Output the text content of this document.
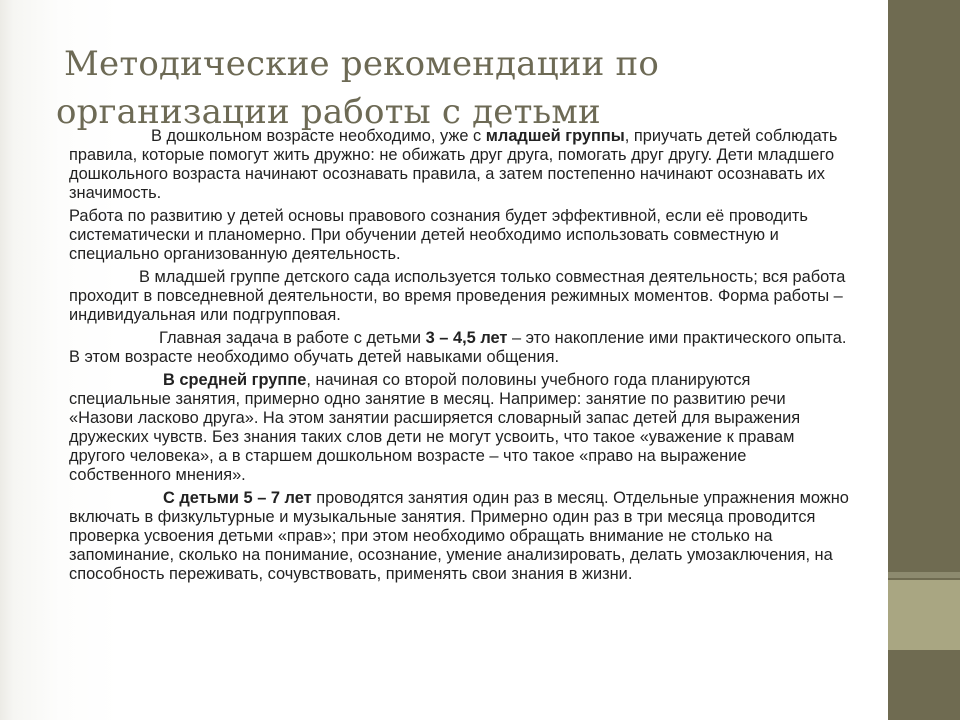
Методические рекомендации по
организации работы с детьми

В дошкольном возрасте необходимо, уже с младшей группы, приучать детей соблюдать правила, которые помогут жить дружно: не обижать друг друга, помогать друг другу. Дети младшего дошкольного возраста начинают осознавать правила, а затем постепенно начинают осознавать их значимость.

Работа по развитию у детей основы правового сознания будет эффективной, если её проводить систематически и планомерно. При обучении детей необходимо использовать совместную и специально организованную деятельность.

В младшей группе детского сада используется только совместная деятельность; вся работа проходит в повседневной деятельности, во время проведения режимных моментов. Форма работы – индивидуальная или подгрупповая.

Главная задача в работе с детьми 3 – 4,5 лет – это накопление ими практического опыта. В этом возрасте необходимо обучать детей навыками общения.

В средней группе, начиная со второй половины учебного года планируются специальные занятия, примерно одно занятие в месяц. Например: занятие по развитию речи «Назови ласково друга». На этом занятии расширяется словарный запас детей для выражения дружеских чувств. Без знания таких слов дети не могут усвоить, что такое «уважение к правам другого человека», а в старшем дошкольном возрасте – что такое «право на выражение собственного мнения».

С детьми 5 – 7 лет проводятся занятия один раз в месяц. Отдельные упражнения можно включать в физкультурные и музыкальные занятия. Примерно один раз в три месяца проводится проверка усвоения детьми «прав»; при этом необходимо обращать внимание не столько на запоминание, сколько на понимание, осознание, умение анализировать, делать умозаключения, на способность переживать, сочувствовать, применять свои знания в жизни.
